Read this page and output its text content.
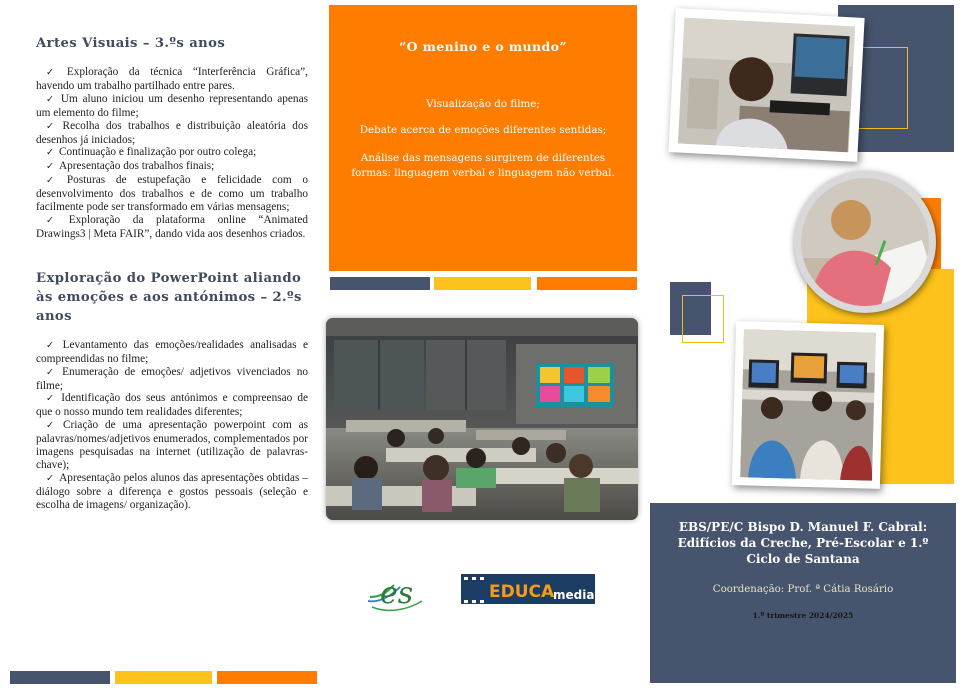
Artes Visuais – 3.ºs anos
✓ Exploração da técnica “Interferência Gráfica”, havendo um trabalho partilhado entre pares.
✓ Um aluno iniciou um desenho representando apenas um elemento do filme;
✓ Recolha dos trabalhos e distribuição aleatória dos desenhos já iniciados;
✓ Continuação e finalização por outro colega;
✓ Apresentação dos trabalhos finais;
✓ Posturas de estupefação e felicidade com o desenvolvimento dos trabalhos e de como um trabalho facilmente pode ser transformado em várias mensagens;
✓ Exploração da plataforma online “Animated Drawings3 | Meta FAIR”, dando vida aos desenhos criados.
Exploração do PowerPoint aliando às emoções e aos antónimos – 2.ºs anos
✓ Levantamento das emoções/realidades analisadas e compreendidas no filme;
✓ Enumeração de emoções/ adjetivos vivenciados no filme;
✓ Identificação dos seus antónimos e compreensao de que o nosso mundo tem realidades diferentes;
✓ Criação de uma apresentação powerpoint com as palavras/nomes/adjetivos enumerados, complementados por imagens pesquisadas na internet (utilização de palavras-chave);
✓ Apresentação pelos alunos das apresentações obtidas – diálogo sobre a diferença e gostos pessoais (seleção e escolha de imagens/ organização).
“O menino e o mundo”
Visualização do filme;
Debate acerca de emoções diferentes sentidas;
Análise das mensagens surgirem de diferentes formas: linguagem verbal e linguagem não verbal.
es	EDUCA
media
EBS/PE/C Bispo D. Manuel F. Cabral: Edifícios da Creche, Pré-Escolar e 1.º Ciclo de Santana
Coordenação: Prof. ª Cátia Rosário
1.º trimestre 2024/2025
